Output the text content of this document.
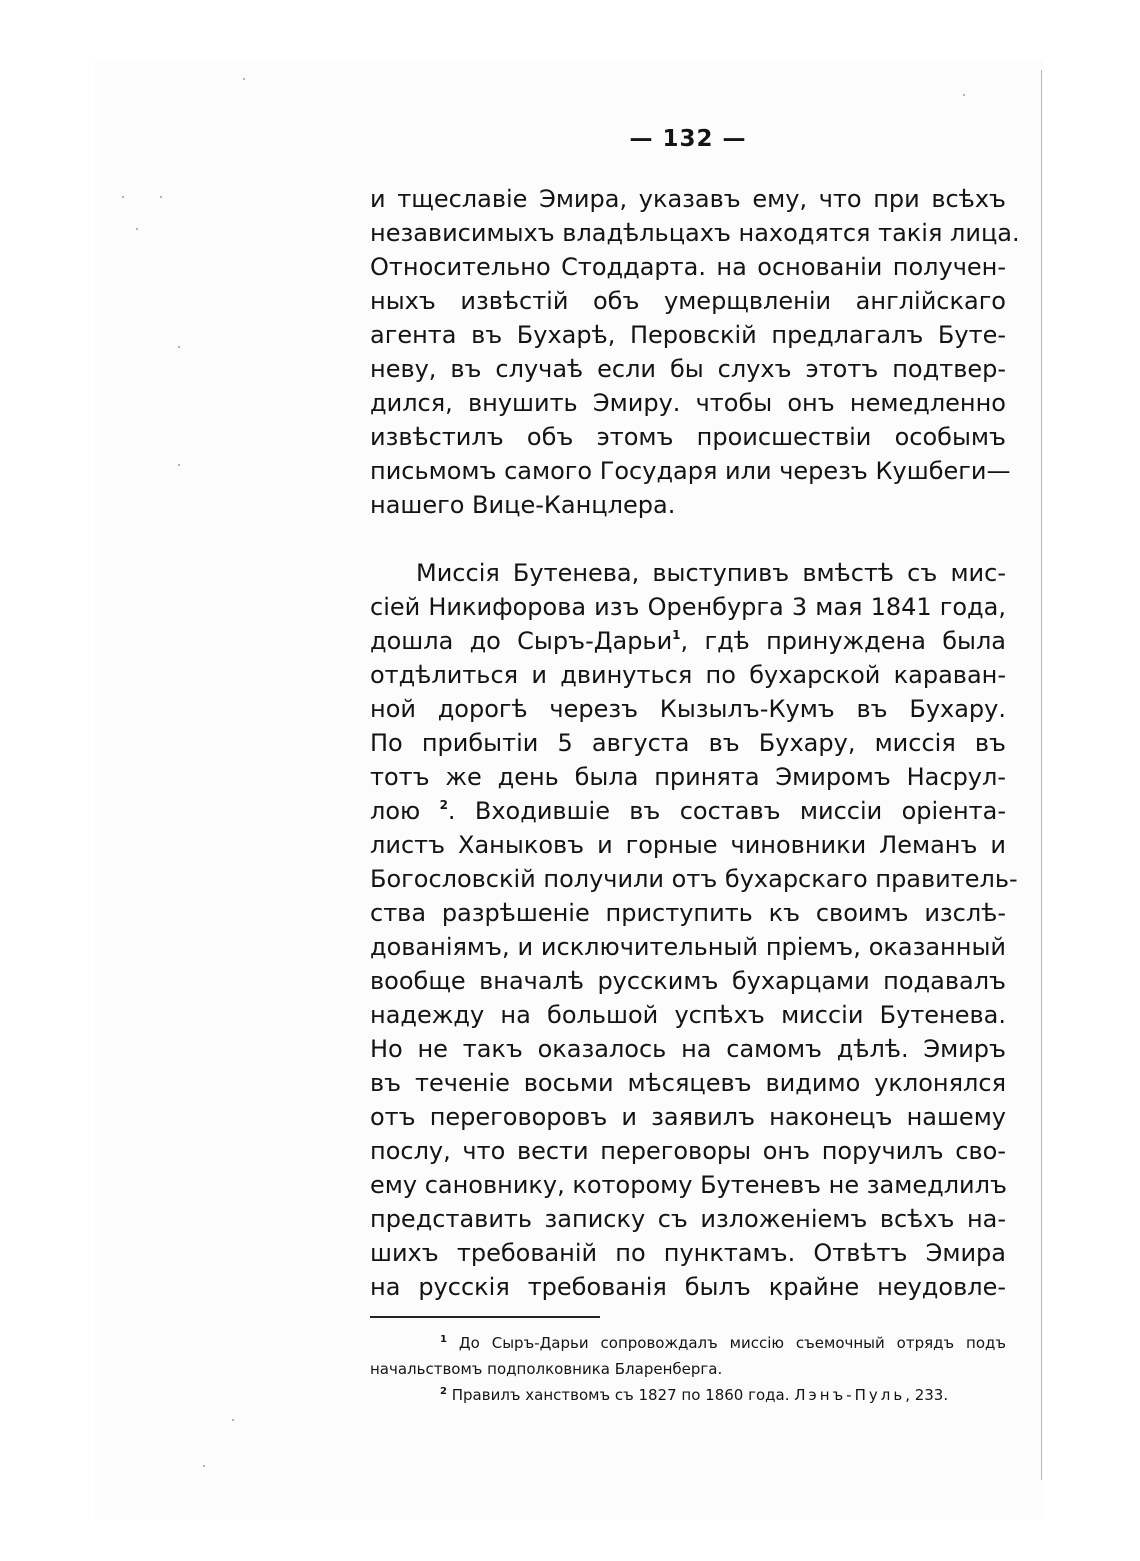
— 132 —
и тщеславіе Эмира, указавъ ему, что при всѣхъ
независимыхъ владѣльцахъ находятся такія лица.
Относительно Стоддарта. на основаніи получен-
ныхъ извѣстій объ умерщвленіи англійскаго
агента въ Бухарѣ, Перовскій предлагалъ Буте-
неву, въ случаѣ если бы слухъ этотъ подтвер-
дился, внушить Эмиру. чтобы онъ немедленно
извѣстилъ объ этомъ происшествіи особымъ
письмомъ самого Государя или черезъ Кушбеги—
нашего Вице-Канцлера.
Миссія Бутенева, выступивъ вмѣстѣ съ мис-
сіей Никифорова изъ Оренбурга 3 мая 1841 года,
дошла до Сыръ-Дарьи$^1$, гдѣ принуждена была
отдѣлиться и двинуться по бухарской караван-
ной дорогѣ черезъ Кызылъ-Кумъ въ Бухару.
По прибытіи 5 августа въ Бухару, миссія въ
тотъ же день была принята Эмиромъ Насрул-
лою $^2$. Входившіе въ составъ миссіи оріента-
листъ Ханыковъ и горные чиновники Леманъ и
Богословскій получили отъ бухарскаго правитель-
ства разрѣшеніе приступить къ своимъ изслѣ-
дованіямъ, и исключительный пріемъ, оказанный
вообще вначалѣ русскимъ бухарцами подавалъ
надежду на большой успѣхъ миссіи Бутенева.
Но не такъ оказалось на самомъ дѣлѣ. Эмиръ
въ теченіе восьми мѣсяцевъ видимо уклонялся
отъ переговоровъ и заявилъ наконецъ нашему
послу, что вести переговоры онъ поручилъ сво-
ему сановнику, которому Бутеневъ не замедлилъ
представить записку съ изложеніемъ всѣхъ на-
шихъ требованій по пунктамъ. Отвѣтъ Эмира
на русскія требованія былъ крайне неудовле-
$^1$ До Сыръ-Дарьи сопровождалъ миссію съемочный отрядъ подъ
начальствомъ подполковника Бларенберга.
$^2$ Правилъ ханствомъ съ 1827 по 1860 года. Лэнъ-Пуль, 233.
